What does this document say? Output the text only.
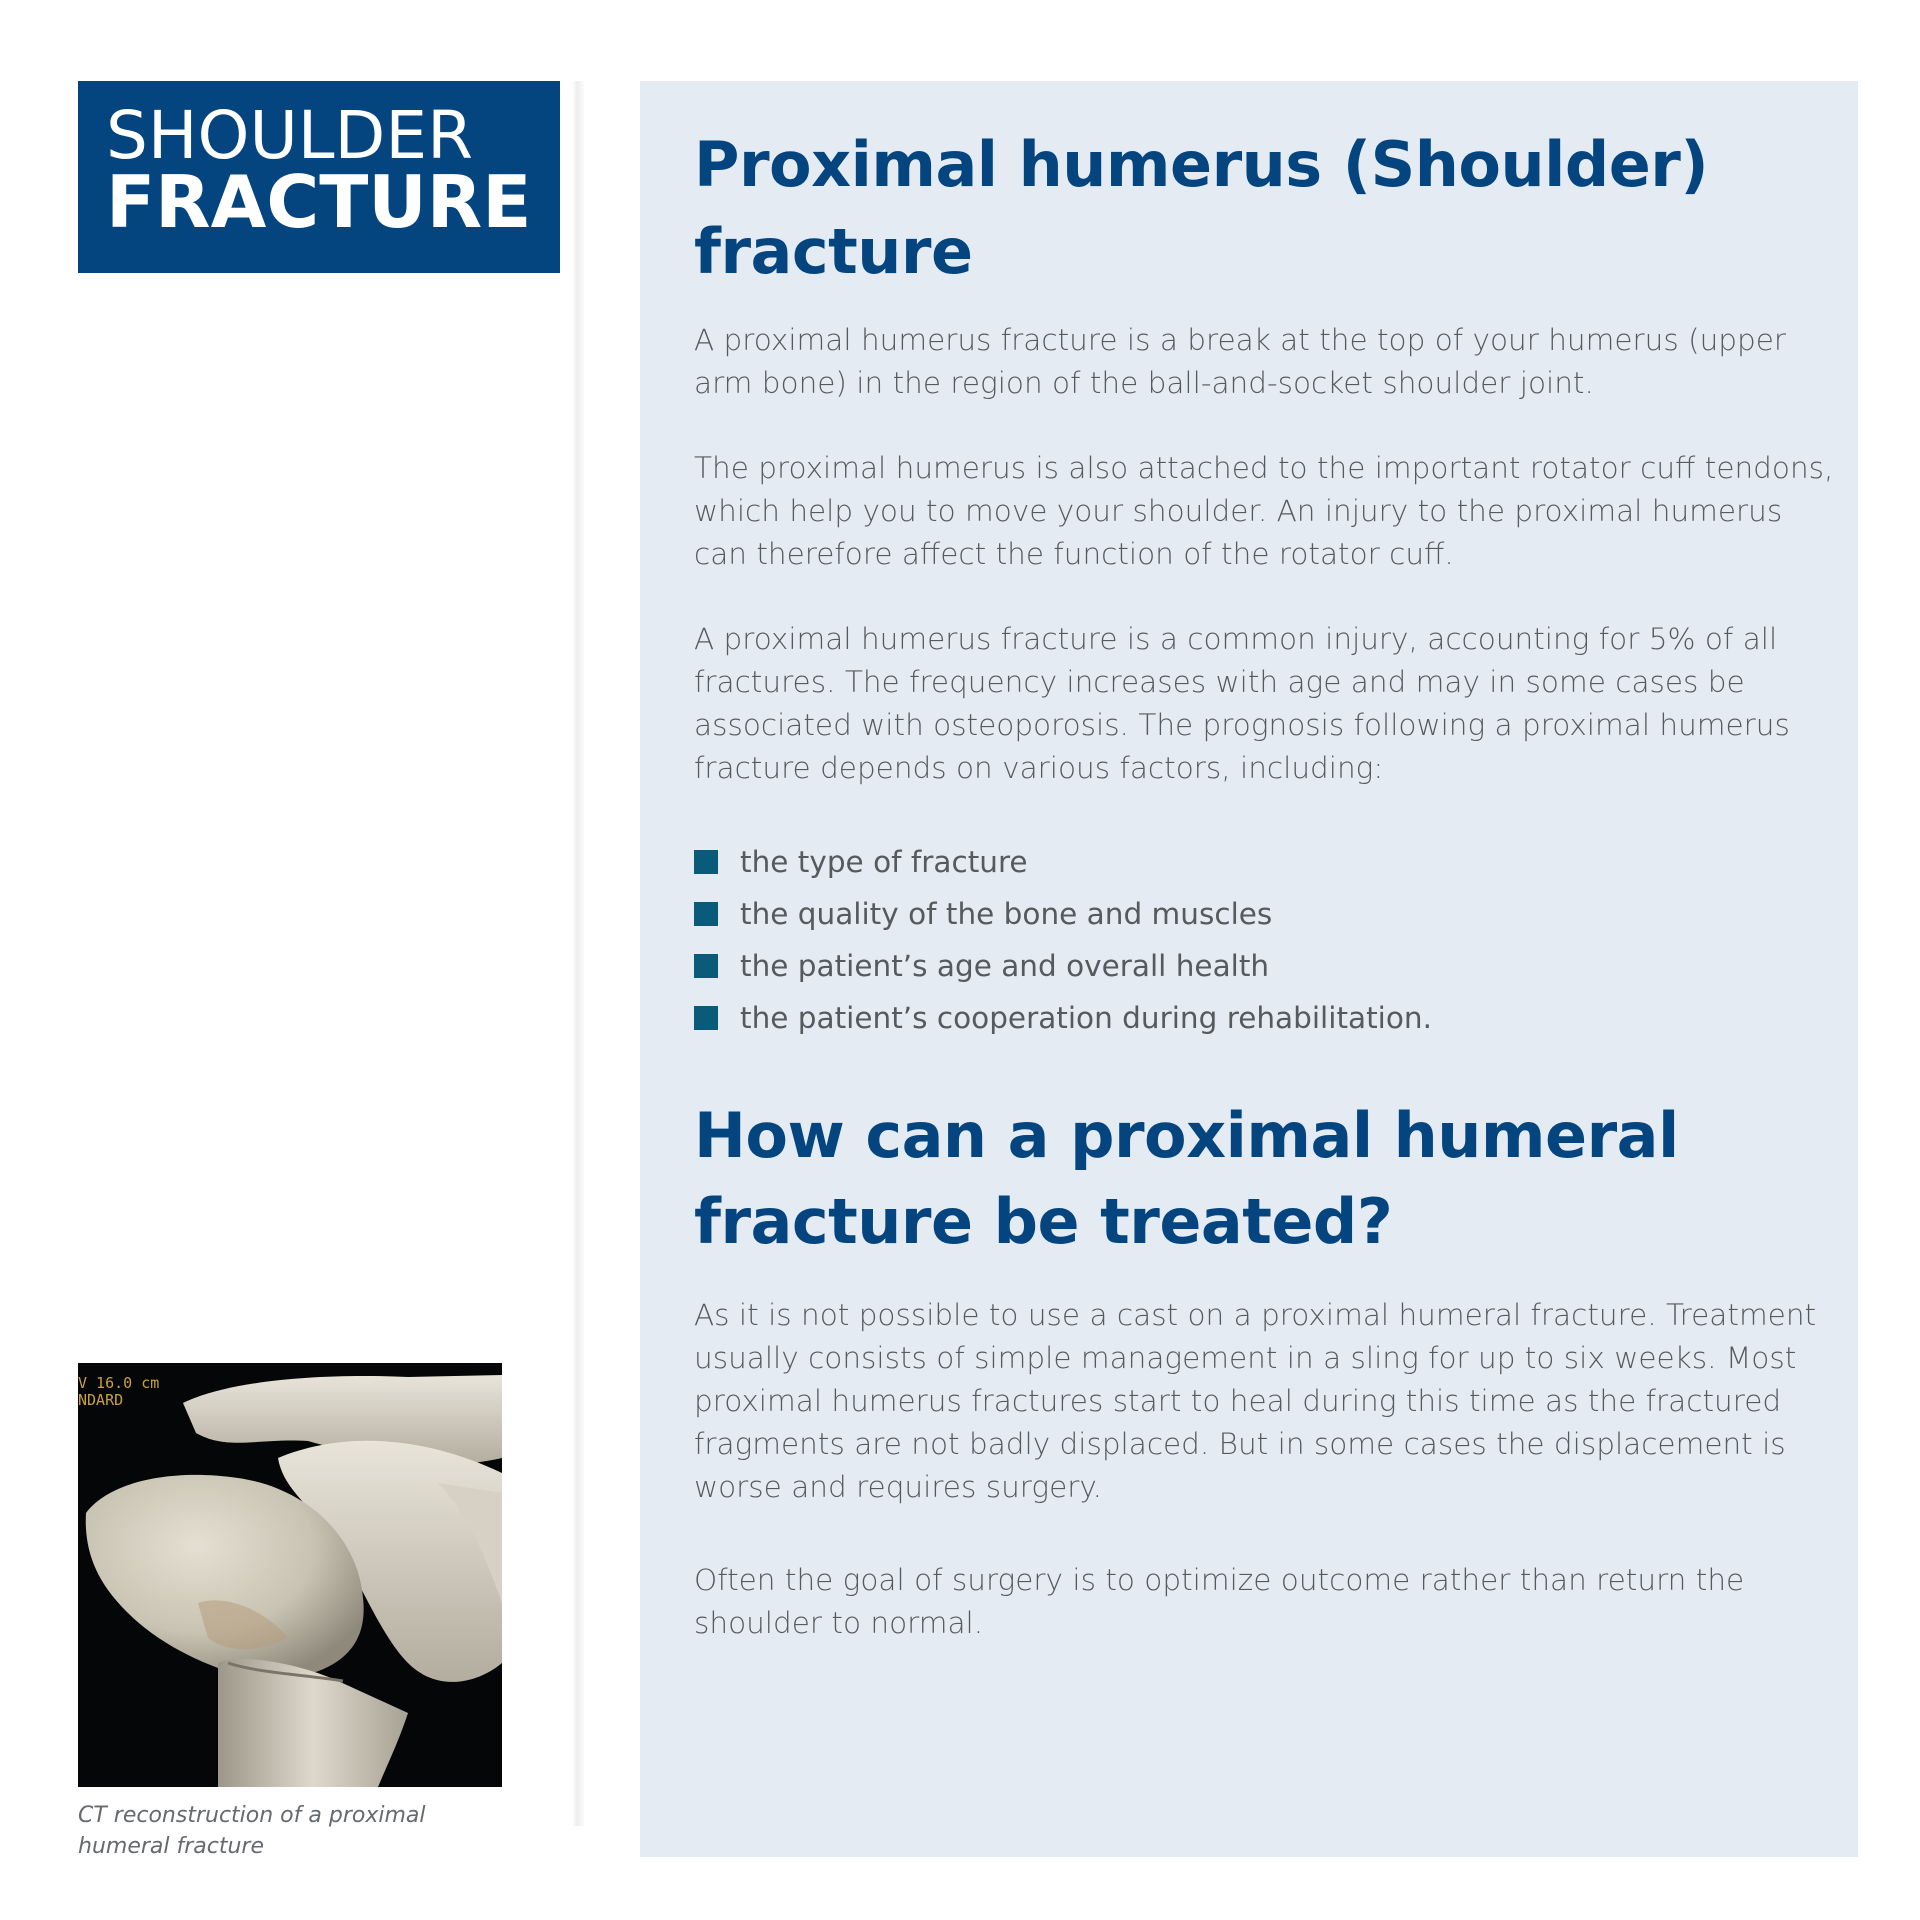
SHOULDER
FRACTURE	Proximal humerus (Shoulder) fracture

A proximal humerus fracture is a break at the top of your humerus (upper arm bone) in the region of the ball-and-socket shoulder joint.

The proximal humerus is also attached to the important rotator cuff tendons, which help you to move your shoulder. An injury to the proximal humerus can therefore affect the function of the rotator cuff.

A proximal humerus fracture is a common injury, accounting for 5% of all fractures. The frequency increases with age and may in some cases be associated with osteoporosis. The prognosis following a proximal humerus fracture depends on various factors, including:

the type of fracture
the quality of the bone and muscles
the patient’s age and overall health
the patient’s cooperation during rehabilitation.
How can a proximal humeral fracture be treated?

As it is not possible to use a cast on a proximal humeral fracture. Treatment usually consists of simple management in a sling for up to six weeks. Most proximal humerus fractures start to heal during this time as the fractured fragments are not badly displaced. But in some cases the displacement is worse and requires surgery.

Often the goal of surgery is to optimize outcome rather than return the shoulder to normal.

V 16.0 cm
NDARD
CT reconstruction of a proximal humeral fracture
